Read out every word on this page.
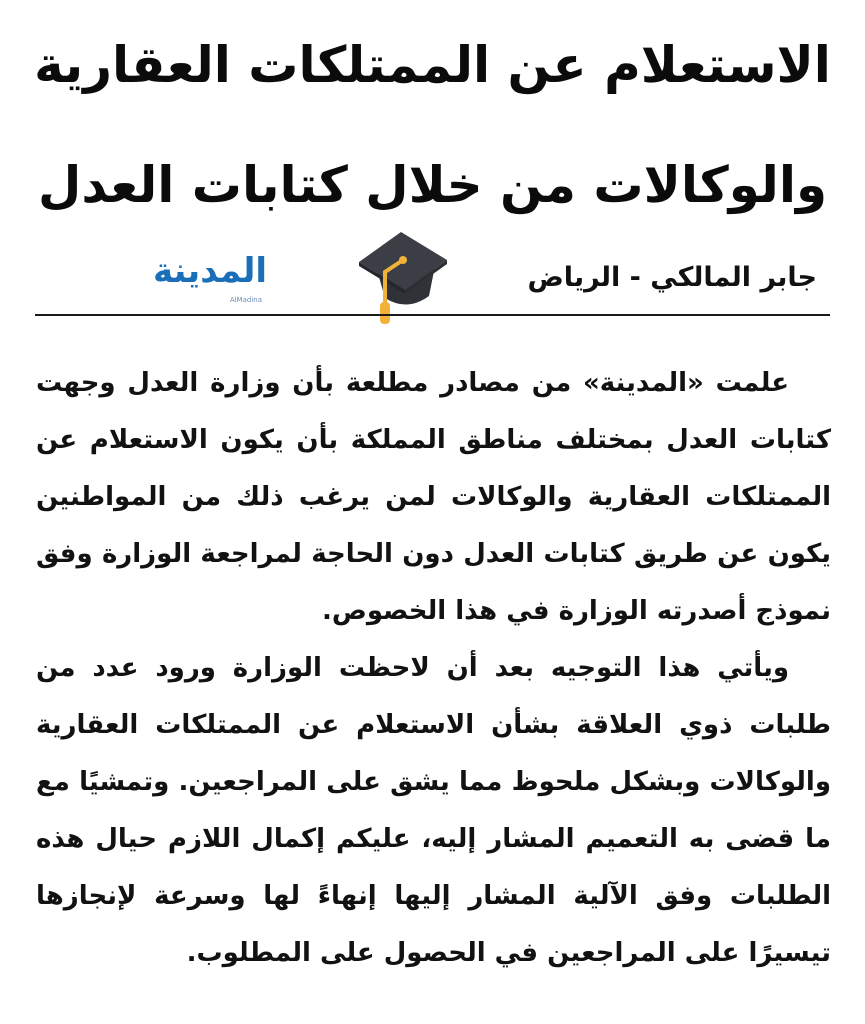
الاستعلام عن الممتلكات العقارية
والوكالات من خلال كتابات العدل
المدينة
AlMadina
جابر المالكي - الرياض

علمت «المدينة» من مصادر مطلعة بأن وزارة العدل وجهت كتابات العدل بمختلف مناطق المملكة بأن يكون الاستعلام عن الممتلكات العقارية والوكالات لمن يرغب ذلك من المواطنين يكون عن طريق كتابات العدل دون الحاجة لمراجعة الوزارة وفق نموذج أصدرته الوزارة في هذا الخصوص.

ويأتي هذا التوجيه بعد أن لاحظت الوزارة ورود عدد من طلبات ذوي العلاقة بشأن الاستعلام عن الممتلكات العقارية والوكالات وبشكل ملحوظ مما يشق على المراجعين. وتمشيًا مع ما قضى به التعميم المشار إليه، عليكم إكمال اللازم حيال هذه الطلبات وفق الآلية المشار إليها إنهاءً لها وسرعة لإنجازها تيسيرًا على المراجعين في الحصول على المطلوب.
